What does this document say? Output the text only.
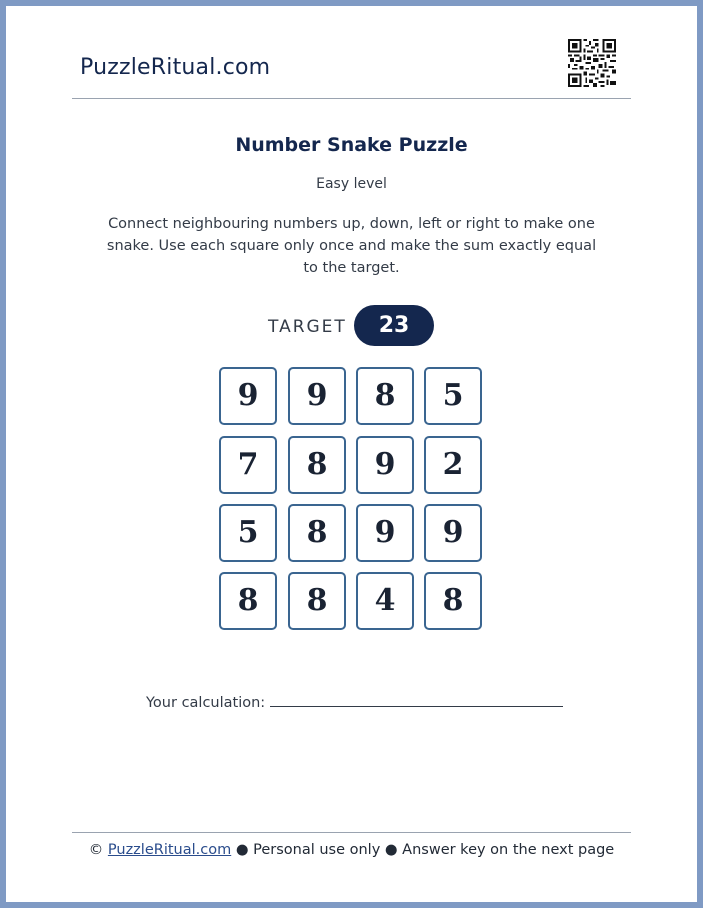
PuzzleRitual.com
Number Snake Puzzle
Easy level
Connect neighbouring numbers up, down, left or right to make one snake. Use each square only once and make the sum exactly equal to the target.
TARGET	23
9	9	8	5
7	8	9	2
5	8	9	9
8	8	4	8
Your calculation:
© PuzzleRitual.com ● Personal use only ● Answer key on the next page
